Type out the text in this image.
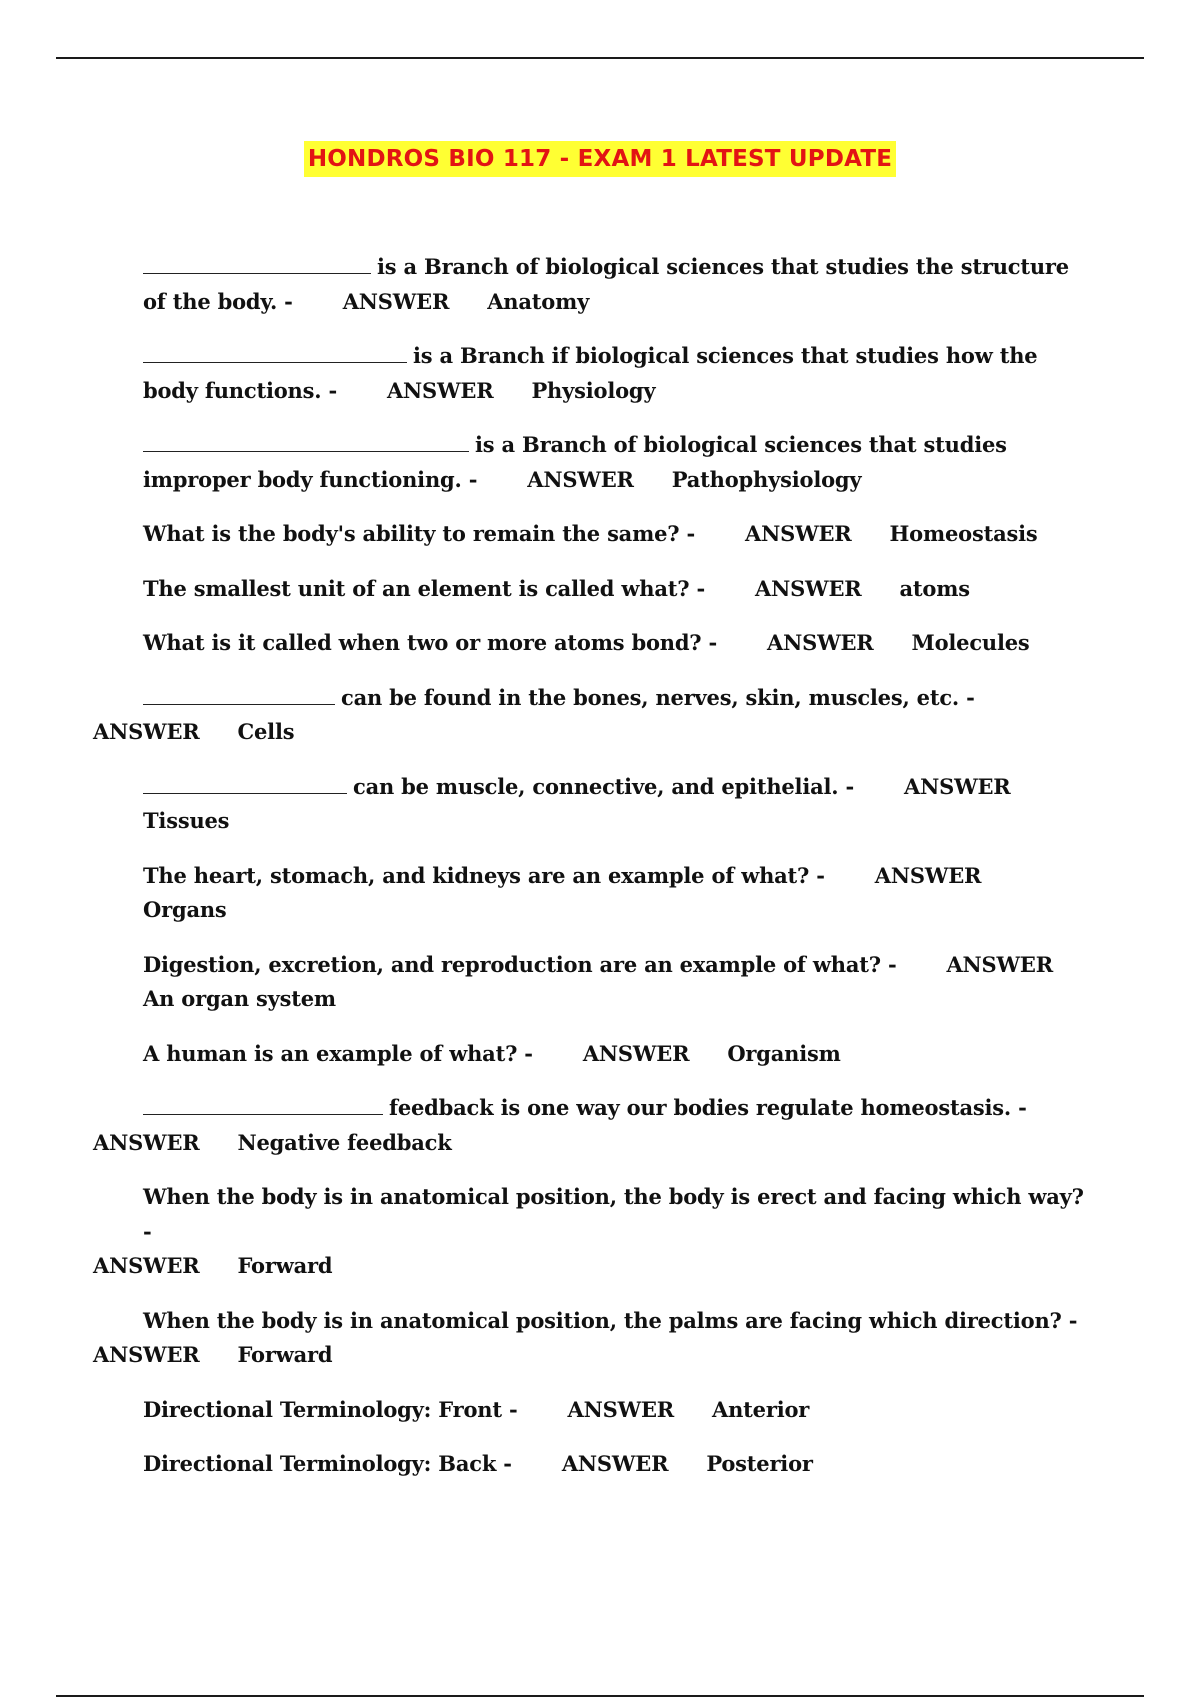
HONDROS BIO 117 - EXAM 1 LATEST UPDATE
is a Branch of biological sciences that studies the structure of the body. - ANSWER Anatomy
is a Branch if biological sciences that studies how the body functions. - ANSWER Physiology
is a Branch of biological sciences that studies improper body functioning. - ANSWER Pathophysiology
What is the body's ability to remain the same? - ANSWER Homeostasis
The smallest unit of an element is called what? - ANSWER atoms
What is it called when two or more atoms bond? - ANSWER Molecules
can be found in the bones, nerves, skin, muscles, etc. -
ANSWER Cells
can be muscle, connective, and epithelial. - ANSWER
Tissues
The heart, stomach, and kidneys are an example of what? - ANSWER
Organs
Digestion, excretion, and reproduction are an example of what? - ANSWER
An organ system
A human is an example of what? - ANSWER Organism
feedback is one way our bodies regulate homeostasis. -
ANSWER Negative feedback
When the body is in anatomical position, the body is erect and facing which way? -
ANSWER Forward
When the body is in anatomical position, the palms are facing which direction? -
ANSWER Forward
Directional Terminology: Front - ANSWER Anterior
Directional Terminology: Back - ANSWER Posterior
